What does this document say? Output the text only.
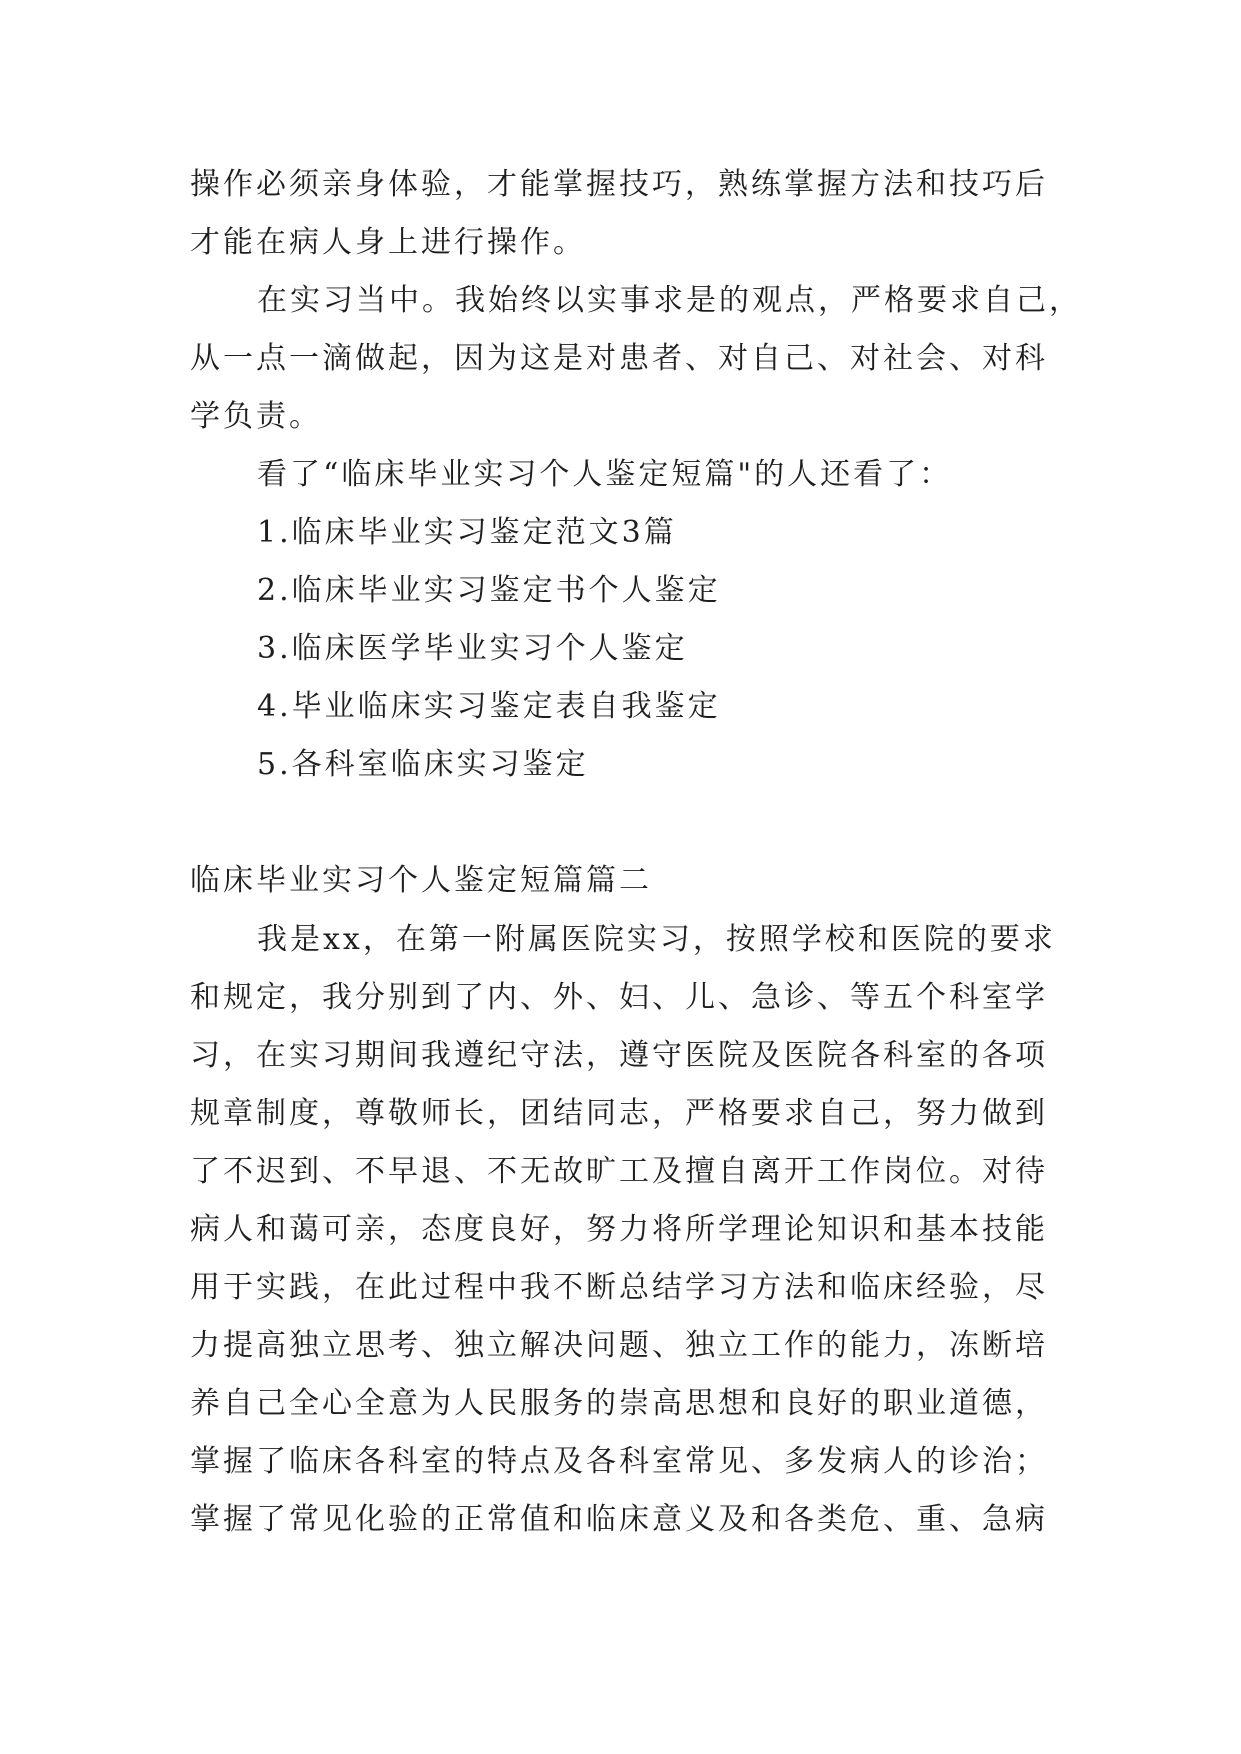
操作必须亲身体验，才能掌握技巧，熟练掌握方法和技巧后
才能在病人身上进行操作。
在实习当中。我始终以实事求是的观点，严格要求自己，
从一点一滴做起，因为这是对患者、对自己、对社会、对科
学负责。
看了“临床毕业实习个人鉴定短篇"的人还看了：
1.临床毕业实习鉴定范文3篇
2.临床毕业实习鉴定书个人鉴定
3.临床医学毕业实习个人鉴定
4.毕业临床实习鉴定表自我鉴定
5.各科室临床实习鉴定
临床毕业实习个人鉴定短篇篇二
我是xx，在第一附属医院实习，按照学校和医院的要求
和规定，我分别到了内、外、妇、儿、急诊、等五个科室学
习，在实习期间我遵纪守法，遵守医院及医院各科室的各项
规章制度，尊敬师长，团结同志，严格要求自己，努力做到
了不迟到、不早退、不无故旷工及擅自离开工作岗位。对待
病人和蔼可亲，态度良好，努力将所学理论知识和基本技能
用于实践，在此过程中我不断总结学习方法和临床经验，尽
力提高独立思考、独立解决问题、独立工作的能力，冻断培
养自己全心全意为人民服务的崇高思想和良好的职业道德，
掌握了临床各科室的特点及各科室常见、多发病人的诊治；
掌握了常见化验的正常值和临床意义及和各类危、重、急病
